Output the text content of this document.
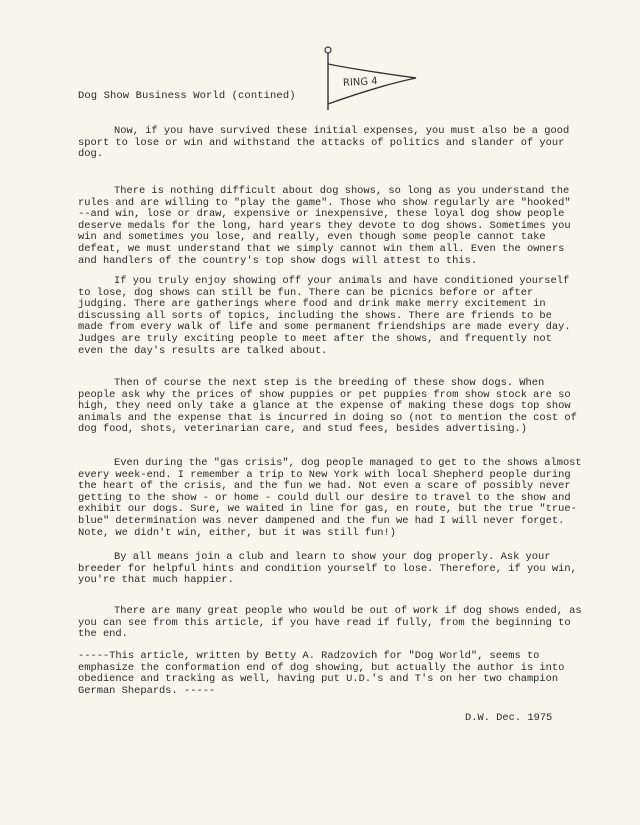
RING 4
Dog Show Business World (contined)

Now, if you have survived these initial expenses, you must also be a good sport to lose or win and withstand the attacks of politics and slander of your dog.

There is nothing difficult about dog shows, so long as you understand the rules and are willing to "play the game". Those who show regularly are "hooked" --and win, lose or draw, expensive or inexpensive, these loyal dog show people deserve medals for the long, hard years they devote to dog shows. Sometimes you win and sometimes you lose, and really, even though some people cannot take defeat, we must understand that we simply cannot win them all. Even the owners and handlers of the country's top show dogs will attest to this.

If you truly enjoy showing off your animals and have conditioned yourself to lose, dog shows can still be fun. There can be picnics before or after judging. There are gatherings where food and drink make merry excitement in discussing all sorts of topics, including the shows. There are friends to be made from every walk of life and some permanent friendships are made every day. Judges are truly exciting people to meet after the shows, and frequently not even the day's results are talked about.

Then of course the next step is the breeding of these show dogs. When people ask why the prices of show puppies or pet puppies from show stock are so high, they need only take a glance at the expense of making these dogs top show animals and the expense that is incurred in doing so (not to mention the cost of dog food, shots, veterinarian care, and stud fees, besides advertising.)

Even during the "gas crisis", dog people managed to get to the shows almost every week-end. I remember a trip to New York with local Shepherd people during the heart of the crisis, and the fun we had. Not even a scare of possibly never getting to the show - or home - could dull our desire to travel to the show and exhibit our dogs. Sure, we waited in line for gas, en route, but the true "true-blue" determination was never dampened and the fun we had I will never forget. Note, we didn't win, either, but it was still fun!)

By all means join a club and learn to show your dog properly. Ask your breeder for helpful hints and condition yourself to lose. Therefore, if you win, you're that much happier.

There are many great people who would be out of work if dog shows ended, as you can see from this article, if you have read if fully, from the beginning to the end.

-----This article, written by Betty A. Radzovich for "Dog World", seems to emphasize the conformation end of dog showing, but actually the author is into obedience and tracking as well, having put U.D.'s and T's on her two champion German Shepards. -----

D.W. Dec. 1975
